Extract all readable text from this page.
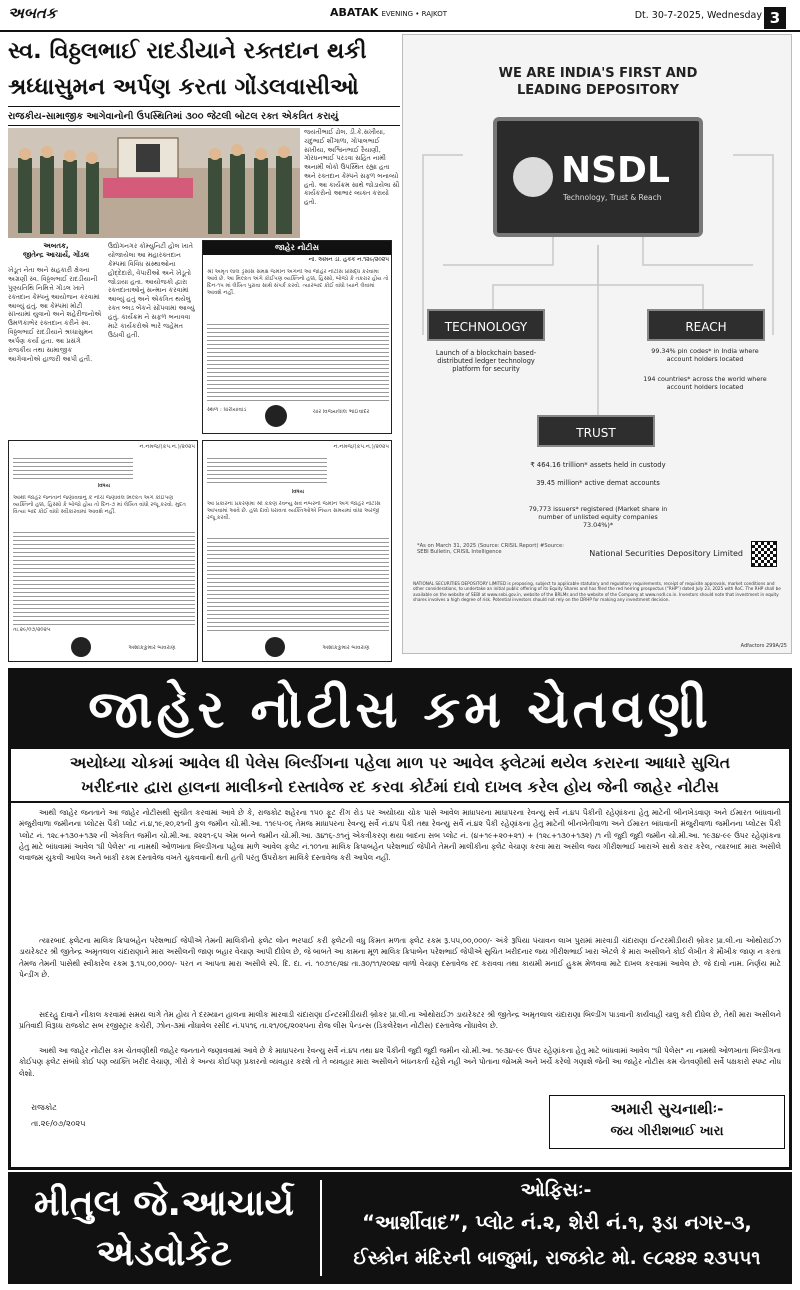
અબતક	ABATAK EVENING • RAJKOT	Dt. 30-7-2025, Wednesday 3
સ્વ. વિઠ્ઠલભાઈ રાદડીયાને રક્તદાન થકી
શ્રધ્ધાસુમન અર્પણ કરતા ગોંડલવાસીઓ
રાજકીય-સામાજીક આગેવાનોની ઉપસ્થિતિમાં ૩૦૦ જેટલી બોટલ રક્ત એકત્રિત કરાયું
જયંતીભાઈ ઢોલ, ડી.કે.સખીયા, ચંદુભાઈ શીંગાળા, ગોપાલભાઈ સખીયા, અશ્વિનભાઈ રૈયાણી, ગોરધનભાઈ પરડવા સહિત નામી અનામી લોકો ઉપસ્થિત રહ્યા હતા અને રક્તદાન કેમ્પને સફળ બનાવ્યો હતો. આ કાર્યક્રમ સાથે જોડાયેલા સૌ કાર્યકરોનો આભાર વ્યક્ત કરાયો હતો.
અબતક,
જીતેન્દ્ર આચાર્ય, ગોંડલ
ખેડૂત નેતા અને સહકારી ક્ષેત્રના અગ્રણી સ્વ. વિઠ્ઠલભાઈ રાદડીયાની પુણ્યતિથિ નિમિત્તે ગોંડલ ખાતે રક્તદાન કેમ્પનું આયોજન કરવામાં આવ્યું હતું. આ કેમ્પમાં મોટી સંખ્યામાં યુવાનો અને શહેરીજનોએ ઉમળકાભેર રક્તદાન કરીને સ્વ. વિઠ્ઠલભાઈ રાદડીયાને શ્રધ્ધાસુમન અર્પણ કર્યા હતા. આ પ્રસંગે રાજકીય તથા સામાજીક આગેવાનોએ હાજરી આપી હતી.
ઉદ્યોગનગર કોમ્યુનિટી હોલ ખાતે યોજાયેલા આ મહારક્તદાન કેમ્પમાં વિવિધ સંસ્થાઓના હોદ્દેદારો, વેપારીઓ અને ખેડૂતો જોડાયા હતા. આયોજકો દ્વારા રક્તદાતાઓનું સન્માન કરવામાં આવ્યું હતું અને એકત્રિત થયેલું રક્ત બ્લડ બેંકને સોંપવામાં આવ્યું હતું. કાર્યક્રમ ને સફળ બનાવવા માટે કાર્યકરોએ ભારે જહેમત ઉઠાવી હતી.
જાહેર નોટીસ
નો. અમન ડી. હકક નં.૧૨૯/૨૦૨૫
શ્રી અમૃત લાલ ડ્રેસોસ સમક્ષ જમીન અંગેની આ જાહેર નોટીસ પ્રસિદ્ધ કરવામાં આવે છે. આ મિલ્કત અંગે કોઈપણ વ્યક્તિનો હક્ક, હિસ્સો, બોજો કે તકરાર હોય તો દિન-૧૫ માં લેખિત પુરાવા સાથે સંપર્ક કરવો. ત્યારબાદ કોઈ વાંધો ધ્યાને લેવામાં આવશે નહીં.
સ્થળ : ધારીયાવાડ	ચાર વિજયલાલ ભાઈવાદર
નં.નમજ/(કપ.નં.)/૨૦૨૫
વિષય
આથી જાહેર જનતાને જણાવવાનું કે નીચે જણાવેલ મિલ્કત અંગે કોઈપણ વ્યક્તિનો હક્ક, હિસ્સો કે બોજો હોય તો દિન-૭ માં લેખિત વાંધો રજૂ કરવો. મુદત વિત્યા બાદ કોઈ વાંધો સ્વીકારવામાં આવશે નહીં.
તા.૨૯/૦૭/૨૦૨૫
અશોકકુમાર બાવરાણ
નં.નમજ/(કપ.નં.)/૨૦૨૫
વિષય
આ પ્રકારના પ્રકરણમાં શ્રી કંકણ રેવન્યુ સર્વે નંબરની જમીન અંગે જાહેર નોટીસ આપવામાં આવે છે. હક્ક દાવો ધરાવતા વ્યક્તિઓએ નિયત સમયમાં વાંધા અરજી રજૂ કરવી.
અશોકકુમાર બાવરાણ
WE ARE INDIA'S FIRST AND LEADING DEPOSITORY
NSDL
Technology, Trust & Reach
TECHNOLOGY
Launch of a blockchain based-distributed ledger technology platform for security
REACH
99.34% pin codes* in India where account holders located
194 countries* across the world where account holders located
TRUST
₹ 464.16 trillion* assets held in custody
39.45 million* active demat accounts
79,773 issuers* registered (Market share in number of unlisted equity companies 73.04%)*
*As on March 31, 2025 (Source: CRISIL Report) #Source: SEBI Bulletin, CRISIL Intelligence	National Securities Depository Limited
NATIONAL SECURITIES DEPOSITORY LIMITED is proposing, subject to applicable statutory and regulatory requirements, receipt of requisite approvals, market conditions and other considerations, to undertake an initial public offering of its Equity Shares and has filed the red herring prospectus ("RHP") dated July 23, 2025 with RoC. The RHP shall be available on the website of SEBI at www.sebi.gov.in, website of the BRLMs and the website of the Company at www.nsdl.co.in. Investors should note that investment in equity shares involves a high degree of risk. Potential investors should not rely on the DRHP for making any investment decision.
Adfactors 299A/25
જાહેર નોટીસ કમ ચેતવણી
અયોધ્યા ચોકમાં આવેલ ધી પેલેસ બિલ્ડીંગના પહેલા માળ પર આવેલ ફ્લેટમાં થયેલ કરારના આધારે સુચિત
ખરીદનાર દ્વારા હાલના માલીકનો દસ્તાવેજ રદ કરવા કોર્ટમાં દાવો દાખલ કરેલ હોય જેની જાહેર નોટીસ
આથી જાહેર જનતાને આ જાહેર નોટીસથી સુચીત કરવામાં આવે છે કે, રાજકોટ શહેરના ૧૫૦ ફૂટ રીંગ રોડ પર અયોધ્યા ચોક પાસે આવેલ માધાપરના માધાપરના રેવન્યુ સર્વે નં.૪૫ પૈકીની રહેણાંકના હેતુ માટેની બીનખેડવાણ અને ઈમારત બાંધવાની મંજુરીવાળા જમીનના પ્લોટસ પૈકી પ્લોટ નં.૪,૧૯,૨૦,૨૧ની કુલ જમીન ચો.મી.આ. ૧૧૯૫-૦૬ તેમજ માધાપરના રેવન્યુ સર્વે નં.૪૫ પૈકી તથા રેવન્યુ સર્વે નં.૪૨ પૈકી રહેણાંકના હેતુ માટેની બીનખેતીવાળા અને ઈમારત બાંધવાની મંજુરીવાળા જમીનના પ્લોટસ પૈકી પ્લોટ નં. ૧૨૮+૧૩૦+૧૩૨ ની એકત્રિત જમીન ચો.મી.આ. ૨૨૨૧-૬૫ એમ બન્ને જમીન ચો.મી.આ. ૩૪૧૬-૭૧નું એકત્રીકરણ થયા બાદના સબ પ્લોટ નં. (૪+૧૯+૨૦+૨૧) + (૧૨૮+૧૩૦+૧૩૨) /૧ ની જુદી જુદી જમીન ચો.મી.આ. ૧૯૩૪-૯૯ ઉપર રહેણાંકના હેતુ માટે બાંધવામાં આવેલ 'ધી પેલેસ' ના નામથી ઓળખાતા બિલ્ડીંગના પહેલા માળે આવેલ ફલેટ નં.૧૦૧ના માલિક ક્રિપાબહેન પરેશભાઈ જેપીને તેમની માલીકીના ફ્લેટ વેચાણ કરવા મારા અસીલ જય ગીરીશભાઈ ખારાએ સાથે કરાર કરેલ, ત્યારબાદ મારા અસીલે લવાજમ ચુકવી આપેલ અને બાકી રકમ દસ્તાવેજ વખતે ચુકવવાની થતી હતી પરંતુ ઉપરોક્ત માલિકે દસ્તાવેજ કરી આપેલ નહીં.
ત્યારબાદ ફ્લેટના માલિક ક્રિપાબહેન પરેશભાઈ જેપીએ તેમની માલિકીનો ફ્લેટ લોન ભરપાઈ કરી ફ્લેટની વધુ કિંમત મળતા ફ્લેટ રકમ રૂ.૫૫,૦૦,૦૦૦/- અંકે રૂપિયા પંચાવન લાખ પુરામાં મારવાડી ચંદારાણા ઈન્ટરમીડીયરી બ્રોકર પ્રા.લી.ના ઓથોરાઈઝ ડાયરેક્ટર શ્રી જીતેન્દ્ર અમૃતલાલ ચંદારાણાને મારા અસીલની જાણ બહાર વેચાણ આપી દીધેલ છે, જે બાબતે આ કામના મૂળ માલિક ક્રિપાબેન પરેશભાઈ જેપીએ સુચિત ખરીદનાર જય ગીરીશભાઈ ખારા એટલે કે મારા અસીલને કોઈ લેખીત કે મૌખીક જાણ ન કરતા તેમજ તેમની પાસેથી સ્વીકારેલ રકમ રૂ.૧૫,૦૦,૦૦૦/- પરત ન આપતા મારા અસીલે સ્પે. દિ. દા. નં. ૧૦૭૧૯/૨૪ તા.૩૦/૧૧/૨૦૨૪ વાળો વેચાણ દસ્તાવેજ રદ કરાવવા તથા કાયમી મનાઈ હુકમ મેળવવા માટે દાખલ કરવામાં આવેલ છે. જે દાવો નામ. નિર્ણય માટે પેન્ડીંગ છે.
સદરહુ દાવાને નીકાલ કરવામાં સમય લાગે તેમ હોય તે દરમ્યાન હાલના માલીક મારવાડી ચંદારાણા ઈન્ટરમીડીયરી બ્રોકર પ્રા.લી.ના ઓથોરાઈઝ ડાયરેક્ટર શ્રી જીતેન્દ્ર અમૃતલાલ ચંદારાણા બિલ્ડીંગ પાડવાની કાર્યવાહી ચાલુ કરી દીધેલ છે, તેથી મારા અસીલને પ્રતિવાદી વિરૂધ્ધ રાજકોટ સબ રજીસ્ટ્રાર કચેરી, ઝોન-૩માં નોંધાવેલ રસીદ નં.પ૫૧૬ તા.૨૧/૦૬/૨૦૨૫ના રોજ લીસ પેન્ડન્સ (ડિકલેરેશન નોટીસ) દસ્તાવેજ નોંધાવેલ છે.
આથી આ જાહેર નોટીસ કમ ચેતવણીથી જાહેર જનતાને જણાવવામાં આવે છે કે માધાપરના રેવન્યુ સર્વે નં.૪૫ તથા ૪૨ પૈકીની જુદી જુદી જમીન ચો.મી.આ. ૧૯૩૪-૯૯ ઉપર રહેણાંકના હેતુ માટે બાંધવામાં આવેલ "ધી પેલેસ" ના નામથી ઓળખાતા બિલ્ડીંગના કોઈપણ ફ્લેટ સંબંધે કોઈ પણ વ્યક્તિ ખરીદ વેચાણ, ગીરો કે અન્ય કોઈપણ પ્રકારનો વ્યવહાર કરશે તો તે વ્યવહાર મારા અસીલને બંધનકર્તા રહેશે નહી અને પોતાના જોખમે અને ખર્ચે કરેલો ગણાશે જેની આ જાહેર નોટીસ કમ ચેતવણીથી સર્વે પક્ષકારો સ્પષ્ટ નોંધ લેશો.
રાજકોટ
તા.૨૯/૦૭/૨૦૨૫
અમારી સુચનાથીઃ-
જય ગીરીશભાઈ ખારા
મીતુલ જે.આચાર્ય
એડવોકેટ
ઓફિસઃ-
“આર્શીવાદ”, પ્લોટ નં.૨, શેરી નં.૧, રૂડા નગર-૩,
ઈસ્કોન મંદિરની બાજુમાં, રાજકોટ મો. ૯૮૨૪૨ ૨૩૫૫૧
